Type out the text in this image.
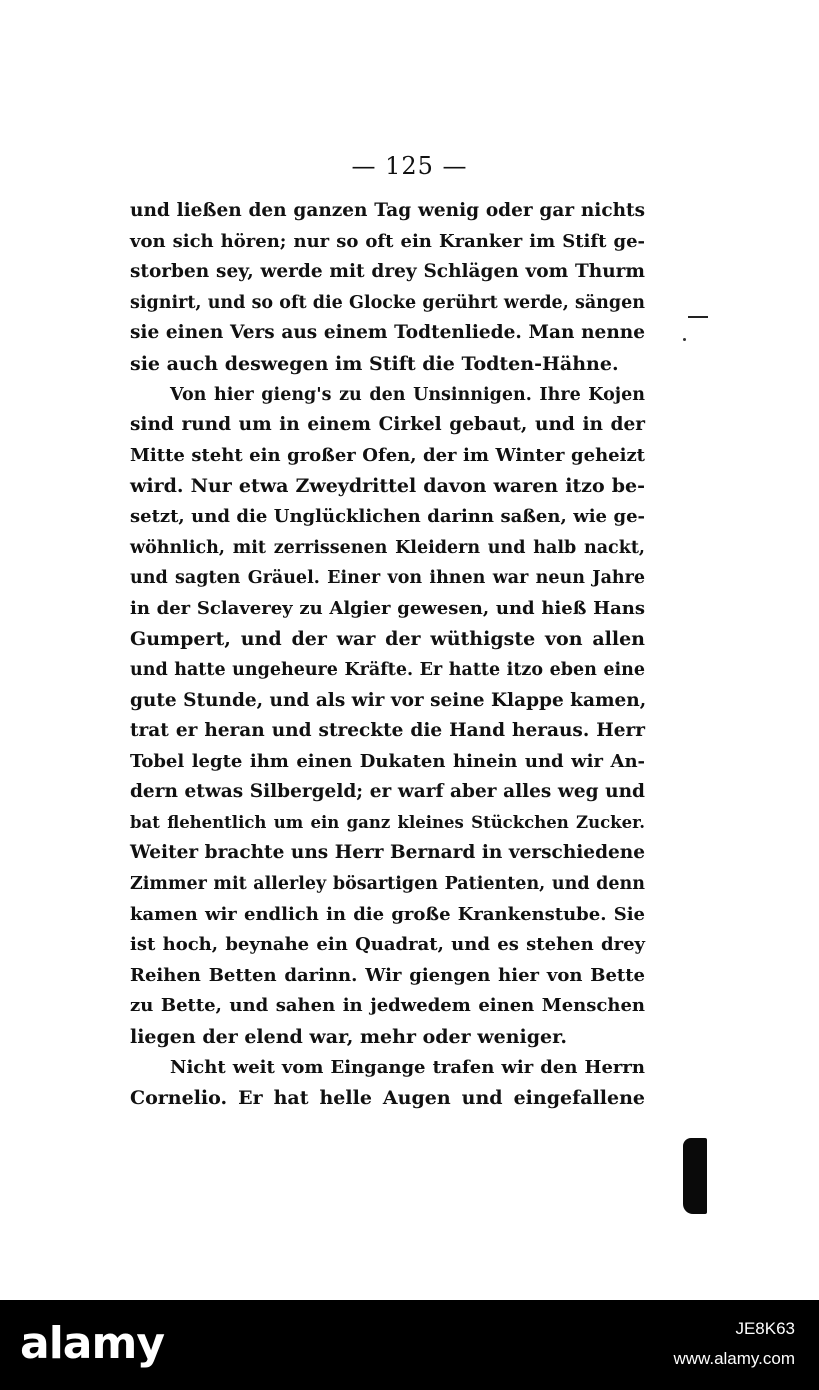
— 125 —
und ließen den ganzen Tag wenig oder gar nichts
von sich hören; nur so oft ein Kranker im Stift ge-
storben sey, werde mit drey Schlägen vom Thurm
signirt, und so oft die Glocke gerührt werde, sängen
sie einen Vers aus einem Todtenliede. Man nenne
sie auch deswegen im Stift die Todten-Hähne.
Von hier gieng's zu den Unsinnigen. Ihre Kojen
sind rund um in einem Cirkel gebaut, und in der
Mitte steht ein großer Ofen, der im Winter geheizt
wird. Nur etwa Zweydrittel davon waren itzo be-
setzt, und die Unglücklichen darinn saßen, wie ge-
wöhnlich, mit zerrissenen Kleidern und halb nackt,
und sagten Gräuel. Einer von ihnen war neun Jahre
in der Sclaverey zu Algier gewesen, und hieß Hans
Gumpert, und der war der wüthigste von allen
und hatte ungeheure Kräfte. Er hatte itzo eben eine
gute Stunde, und als wir vor seine Klappe kamen,
trat er heran und streckte die Hand heraus. Herr
Tobel legte ihm einen Dukaten hinein und wir An-
dern etwas Silbergeld; er warf aber alles weg und
bat flehentlich um ein ganz kleines Stückchen Zucker.
Weiter brachte uns Herr Bernard in verschiedene
Zimmer mit allerley bösartigen Patienten, und denn
kamen wir endlich in die große Krankenstube. Sie
ist hoch, beynahe ein Quadrat, und es stehen drey
Reihen Betten darinn. Wir giengen hier von Bette
zu Bette, und sahen in jedwedem einen Menschen
liegen der elend war, mehr oder weniger.
Nicht weit vom Eingange trafen wir den Herrn
Cornelio. Er hat helle Augen und eingefallene
alamy	JE8K63
www.alamy.com
